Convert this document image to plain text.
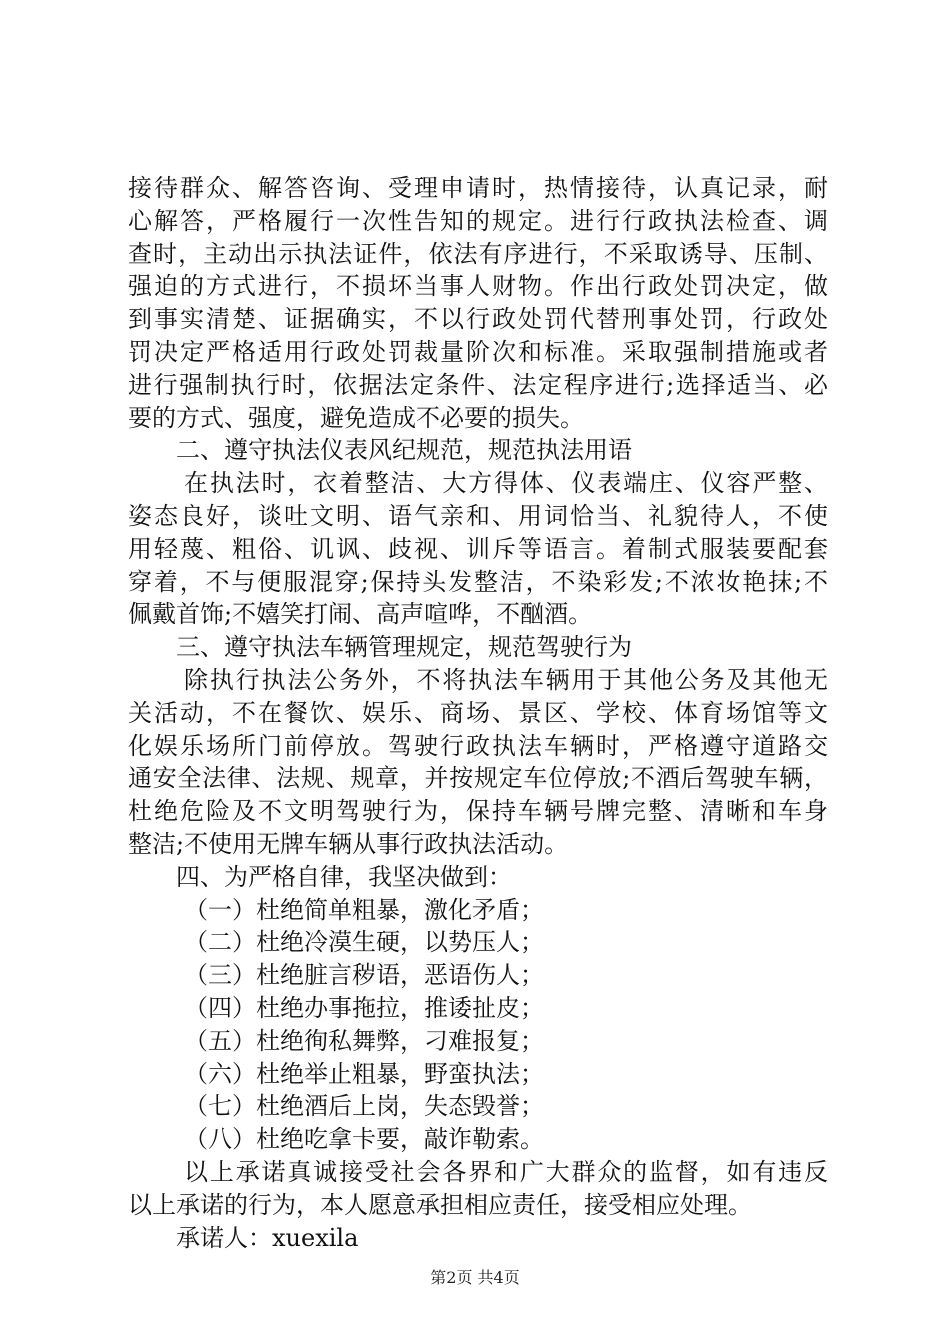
接待群众、解答咨询、受理申请时，热情接待，认真记录，耐
心解答，严格履行一次性告知的规定。进行行政执法检查、调
查时，主动出示执法证件，依法有序进行，不采取诱导、压制、
强迫的方式进行，不损坏当事人财物。作出行政处罚决定，做
到事实清楚、证据确实，不以行政处罚代替刑事处罚，行政处
罚决定严格适用行政处罚裁量阶次和标准。采取强制措施或者
进行强制执行时，依据法定条件、法定程序进行;选择适当、必
要的方式、强度，避免造成不必要的损失。
二、遵守执法仪表风纪规范，规范执法用语
在执法时，衣着整洁、大方得体、仪表端庄、仪容严整、
姿态良好，谈吐文明、语气亲和、用词恰当、礼貌待人，不使
用轻蔑、粗俗、讥讽、歧视、训斥等语言。着制式服装要配套
穿着，不与便服混穿;保持头发整洁，不染彩发;不浓妆艳抹;不
佩戴首饰;不嬉笑打闹、高声喧哗，不酗酒。
三、遵守执法车辆管理规定，规范驾驶行为
除执行执法公务外，不将执法车辆用于其他公务及其他无
关活动，不在餐饮、娱乐、商场、景区、学校、体育场馆等文
化娱乐场所门前停放。驾驶行政执法车辆时，严格遵守道路交
通安全法律、法规、规章，并按规定车位停放;不酒后驾驶车辆，
杜绝危险及不文明驾驶行为，保持车辆号牌完整、清晰和车身
整洁;不使用无牌车辆从事行政执法活动。
四、为严格自律，我坚决做到：
（一）杜绝简单粗暴，激化矛盾；
（二）杜绝冷漠生硬，以势压人；
（三）杜绝脏言秽语，恶语伤人；
（四）杜绝办事拖拉，推诿扯皮；
（五）杜绝徇私舞弊，刁难报复；
（六）杜绝举止粗暴，野蛮执法；
（七）杜绝酒后上岗，失态毁誉；
（八）杜绝吃拿卡要，敲诈勒索。
以上承诺真诚接受社会各界和广大群众的监督，如有违反
以上承诺的行为，本人愿意承担相应责任，接受相应处理。
承诺人：xuexila
第2页 共4页
